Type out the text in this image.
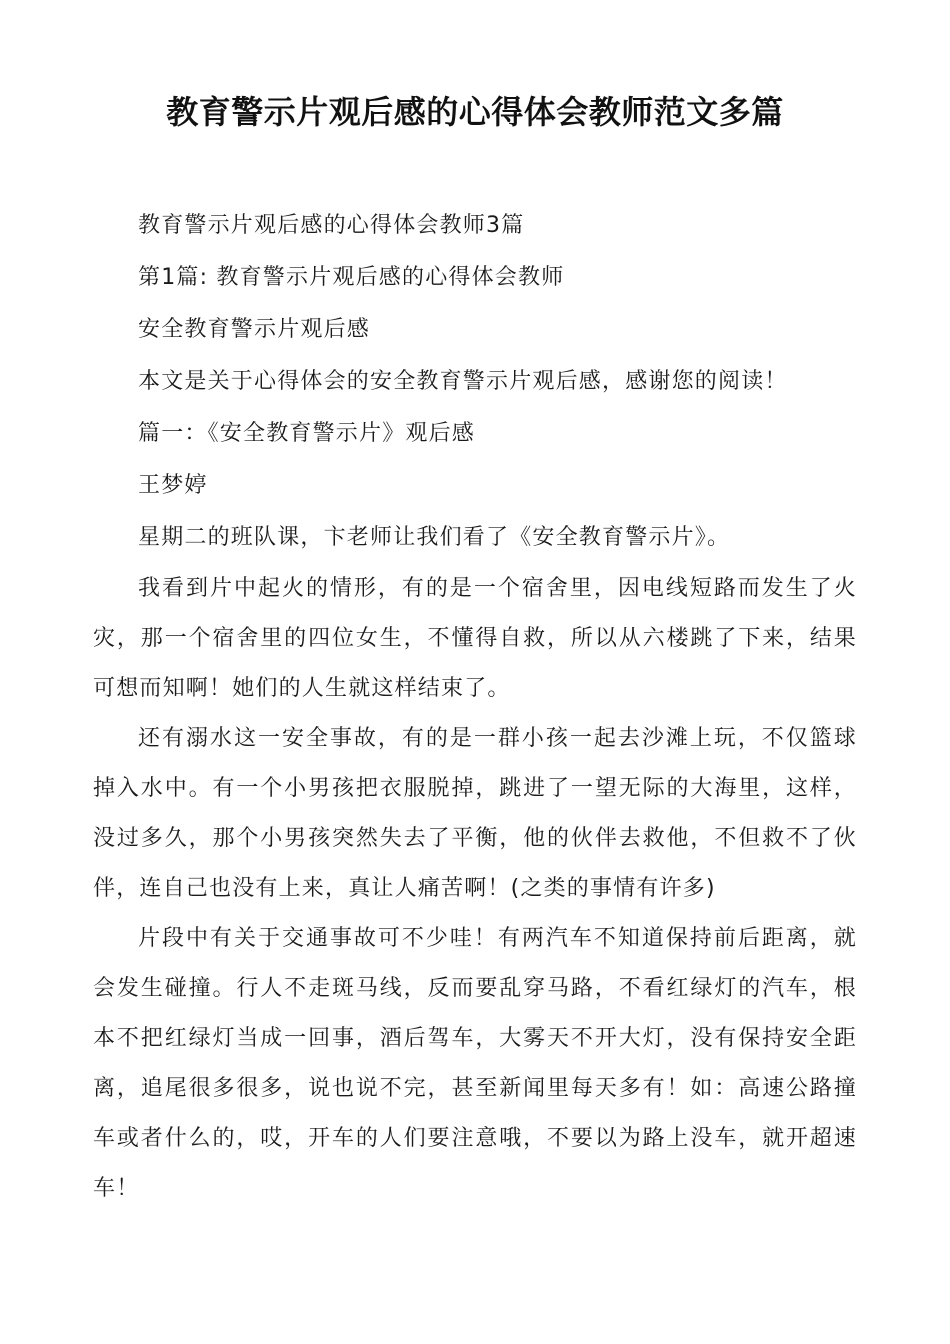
教育警示片观后感的心得体会教师范文多篇

教育警示片观后感的心得体会教师3篇

第1篇: 教育警示片观后感的心得体会教师

安全教育警示片观后感

本文是关于心得体会的安全教育警示片观后感，感谢您的阅读！

篇一：《安全教育警示片》观后感

王梦婷

星期二的班队课，卞老师让我们看了《安全教育警示片》。

我看到片中起火的情形，有的是一个宿舍里，因电线短路而发生了火灾，那一个宿舍里的四位女生，不懂得自救，所以从六楼跳了下来，结果可想而知啊！她们的人生就这样结束了。

还有溺水这一安全事故，有的是一群小孩一起去沙滩上玩，不仅篮球掉入水中。有一个小男孩把衣服脱掉，跳进了一望无际的大海里，这样，没过多久，那个小男孩突然失去了平衡，他的伙伴去救他，不但救不了伙伴，连自己也没有上来，真让人痛苦啊！(之类的事情有许多)

片段中有关于交通事故可不少哇！有两汽车不知道保持前后距离，就会发生碰撞。行人不走斑马线，反而要乱穿马路，不看红绿灯的汽车，根本不把红绿灯当成一回事，酒后驾车，大雾天不开大灯，没有保持安全距离，追尾很多很多，说也说不完，甚至新闻里每天多有！如：高速公路撞车或者什么的，哎，开车的人们要注意哦，不要以为路上没车，就开超速车！
